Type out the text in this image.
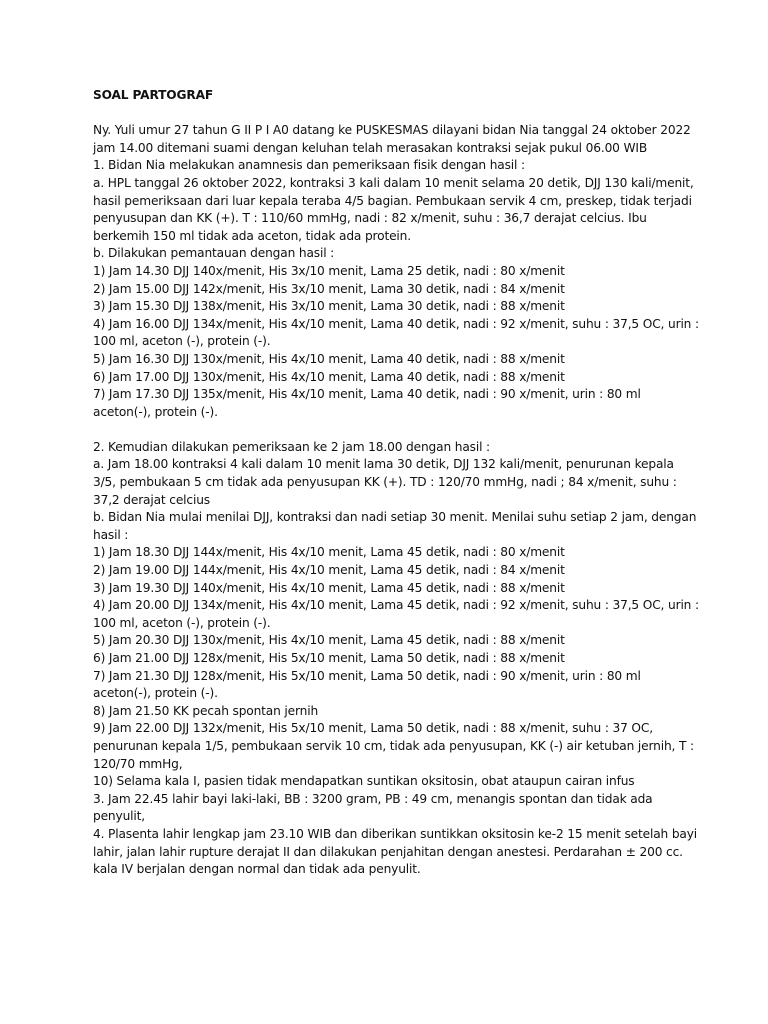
SOAL PARTOGRAF

Ny. Yuli umur 27 tahun G II P I A0 datang ke PUSKESMAS dilayani bidan Nia tanggal 24 oktober 2022

jam 14.00 ditemani suami dengan keluhan telah merasakan kontraksi sejak pukul 06.00 WIB

1. Bidan Nia melakukan anamnesis dan pemeriksaan fisik dengan hasil :

a. HPL tanggal 26 oktober 2022, kontraksi 3 kali dalam 10 menit selama 20 detik, DJJ 130 kali/menit,

hasil pemeriksaan dari luar kepala teraba 4/5 bagian. Pembukaan servik 4 cm, preskep, tidak terjadi

penyusupan dan KK (+). T : 110/60 mmHg, nadi : 82 x/menit, suhu : 36,7 derajat celcius. Ibu

berkemih 150 ml tidak ada aceton, tidak ada protein.

b. Dilakukan pemantauan dengan hasil :

1) Jam 14.30 DJJ 140x/menit, His 3x/10 menit, Lama 25 detik, nadi : 80 x/menit

2) Jam 15.00 DJJ 142x/menit, His 3x/10 menit, Lama 30 detik, nadi : 84 x/menit

3) Jam 15.30 DJJ 138x/menit, His 3x/10 menit, Lama 30 detik, nadi : 88 x/menit

4) Jam 16.00 DJJ 134x/menit, His 4x/10 menit, Lama 40 detik, nadi : 92 x/menit, suhu : 37,5 OC, urin :

100 ml, aceton (-), protein (-).

5) Jam 16.30 DJJ 130x/menit, His 4x/10 menit, Lama 40 detik, nadi : 88 x/menit

6) Jam 17.00 DJJ 130x/menit, His 4x/10 menit, Lama 40 detik, nadi : 88 x/menit

7) Jam 17.30 DJJ 135x/menit, His 4x/10 menit, Lama 40 detik, nadi : 90 x/menit, urin : 80 ml

aceton(-), protein (-).

2. Kemudian dilakukan pemeriksaan ke 2 jam 18.00 dengan hasil :

a. Jam 18.00 kontraksi 4 kali dalam 10 menit lama 30 detik, DJJ 132 kali/menit, penurunan kepala

3/5, pembukaan 5 cm tidak ada penyusupan KK (+). TD : 120/70 mmHg, nadi ; 84 x/menit, suhu :

37,2 derajat celcius

b. Bidan Nia mulai menilai DJJ, kontraksi dan nadi setiap 30 menit. Menilai suhu setiap 2 jam, dengan

hasil :

1) Jam 18.30 DJJ 144x/menit, His 4x/10 menit, Lama 45 detik, nadi : 80 x/menit

2) Jam 19.00 DJJ 144x/menit, His 4x/10 menit, Lama 45 detik, nadi : 84 x/menit

3) Jam 19.30 DJJ 140x/menit, His 4x/10 menit, Lama 45 detik, nadi : 88 x/menit

4) Jam 20.00 DJJ 134x/menit, His 4x/10 menit, Lama 45 detik, nadi : 92 x/menit, suhu : 37,5 OC, urin :

100 ml, aceton (-), protein (-).

5) Jam 20.30 DJJ 130x/menit, His 4x/10 menit, Lama 45 detik, nadi : 88 x/menit

6) Jam 21.00 DJJ 128x/menit, His 5x/10 menit, Lama 50 detik, nadi : 88 x/menit

7) Jam 21.30 DJJ 128x/menit, His 5x/10 menit, Lama 50 detik, nadi : 90 x/menit, urin : 80 ml

aceton(-), protein (-).

8) Jam 21.50 KK pecah spontan jernih

9) Jam 22.00 DJJ 132x/menit, His 5x/10 menit, Lama 50 detik, nadi : 88 x/menit, suhu : 37 OC,

penurunan kepala 1/5, pembukaan servik 10 cm, tidak ada penyusupan, KK (-) air ketuban jernih, T :

120/70 mmHg,

10) Selama kala I, pasien tidak mendapatkan suntikan oksitosin, obat ataupun cairan infus

3. Jam 22.45 lahir bayi laki-laki, BB : 3200 gram, PB : 49 cm, menangis spontan dan tidak ada

penyulit,

4. Plasenta lahir lengkap jam 23.10 WIB dan diberikan suntikkan oksitosin ke-2 15 menit setelah bayi

lahir, jalan lahir rupture derajat II dan dilakukan penjahitan dengan anestesi. Perdarahan ± 200 cc.

kala IV berjalan dengan normal dan tidak ada penyulit.
